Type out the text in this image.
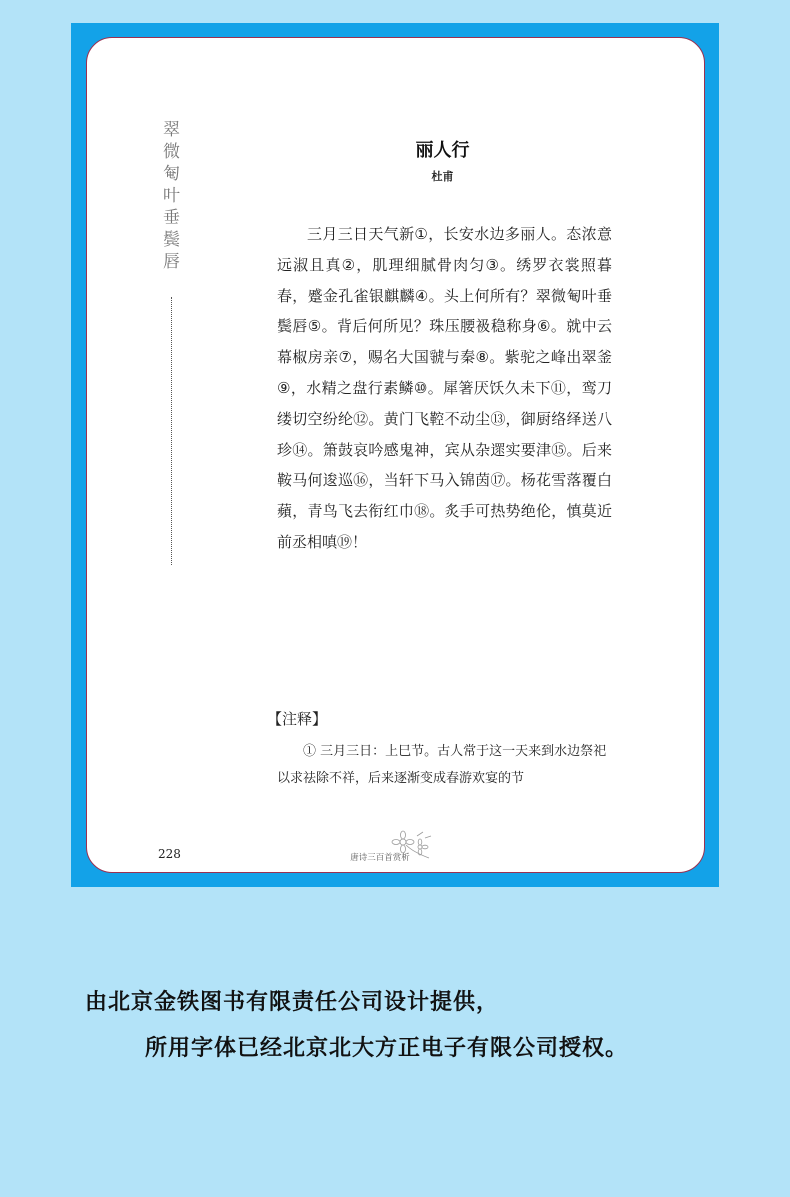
翠微匎叶垂鬓唇	丽人行
杜甫
三月三日天气新①，长安水边多丽人。态浓意远淑且真②，肌理细腻骨肉匀③。绣罗衣裳照暮春，蹙金孔雀银麒麟④。头上何所有？翠微匎叶垂鬓唇⑤。背后何所见？珠压腰衱稳称身⑥。就中云幕椒房亲⑦，赐名大国虢与秦⑧。紫驼之峰出翠釜⑨，水精之盘行素鳞⑩。犀箸厌饫久未下⑪，鸾刀缕切空纷纶⑫。黄门飞鞚不动尘⑬，御厨络绎送八珍⑭。箫鼓哀吟感鬼神，宾从杂遝实要津⑮。后来鞍马何逡巡⑯，当轩下马入锦茵⑰。杨花雪落覆白蘋，青鸟飞去衔红巾⑱。炙手可热势绝伦，慎莫近前丞相嗔⑲！
【注释】
① 三月三日：上巳节。古人常于这一天来到水边祭祀以求祛除不祥，后来逐渐变成春游欢宴的节
228	唐诗三百首赏析
由北京金铁图书有限责任公司设计提供，
所用字体已经北京北大方正电子有限公司授权。
